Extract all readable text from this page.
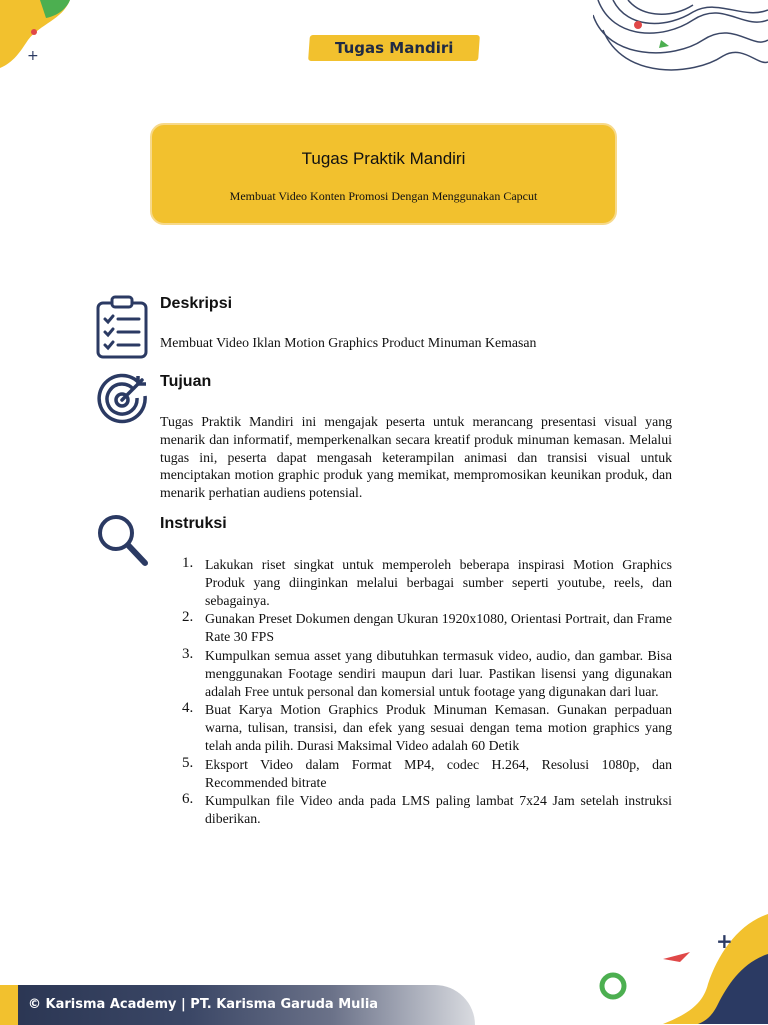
+	Tugas Mandiri
Tugas Praktik Mandiri
Membuat Video Konten Promosi Dengan Menggunakan Capcut
Deskripsi
Membuat Video Iklan Motion Graphics Product Minuman Kemasan
Tujuan
Tugas Praktik Mandiri ini mengajak peserta untuk merancang presentasi visual yang menarik dan informatif, memperkenalkan secara kreatif produk minuman kemasan. Melalui tugas ini, peserta dapat mengasah keterampilan animasi dan transisi visual untuk menciptakan motion graphic produk yang memikat, mempromosikan keunikan produk, dan menarik perhatian audiens potensial.
Instruksi
1. Lakukan riset singkat untuk memperoleh beberapa inspirasi Motion Graphics Produk yang diinginkan melalui berbagai sumber seperti youtube, reels, dan sebagainya.
2. Gunakan Preset Dokumen dengan Ukuran 1920x1080, Orientasi Portrait, dan Frame Rate 30 FPS
3. Kumpulkan semua asset yang dibutuhkan termasuk video, audio, dan gambar. Bisa menggunakan Footage sendiri maupun dari luar. Pastikan lisensi yang digunakan adalah Free untuk personal dan komersial untuk footage yang digunakan dari luar.
4. Buat Karya Motion Graphics Produk Minuman Kemasan. Gunakan perpaduan warna, tulisan, transisi, dan efek yang sesuai dengan tema motion graphics yang telah anda pilih. Durasi Maksimal Video adalah 60 Detik
5. Eksport Video dalam Format MP4, codec H.264, Resolusi 1080p, dan Recommended bitrate
6. Kumpulkan file Video anda pada LMS paling lambat 7x24 Jam setelah instruksi diberikan.
+
© Karisma Academy | PT. Karisma Garuda Mulia
